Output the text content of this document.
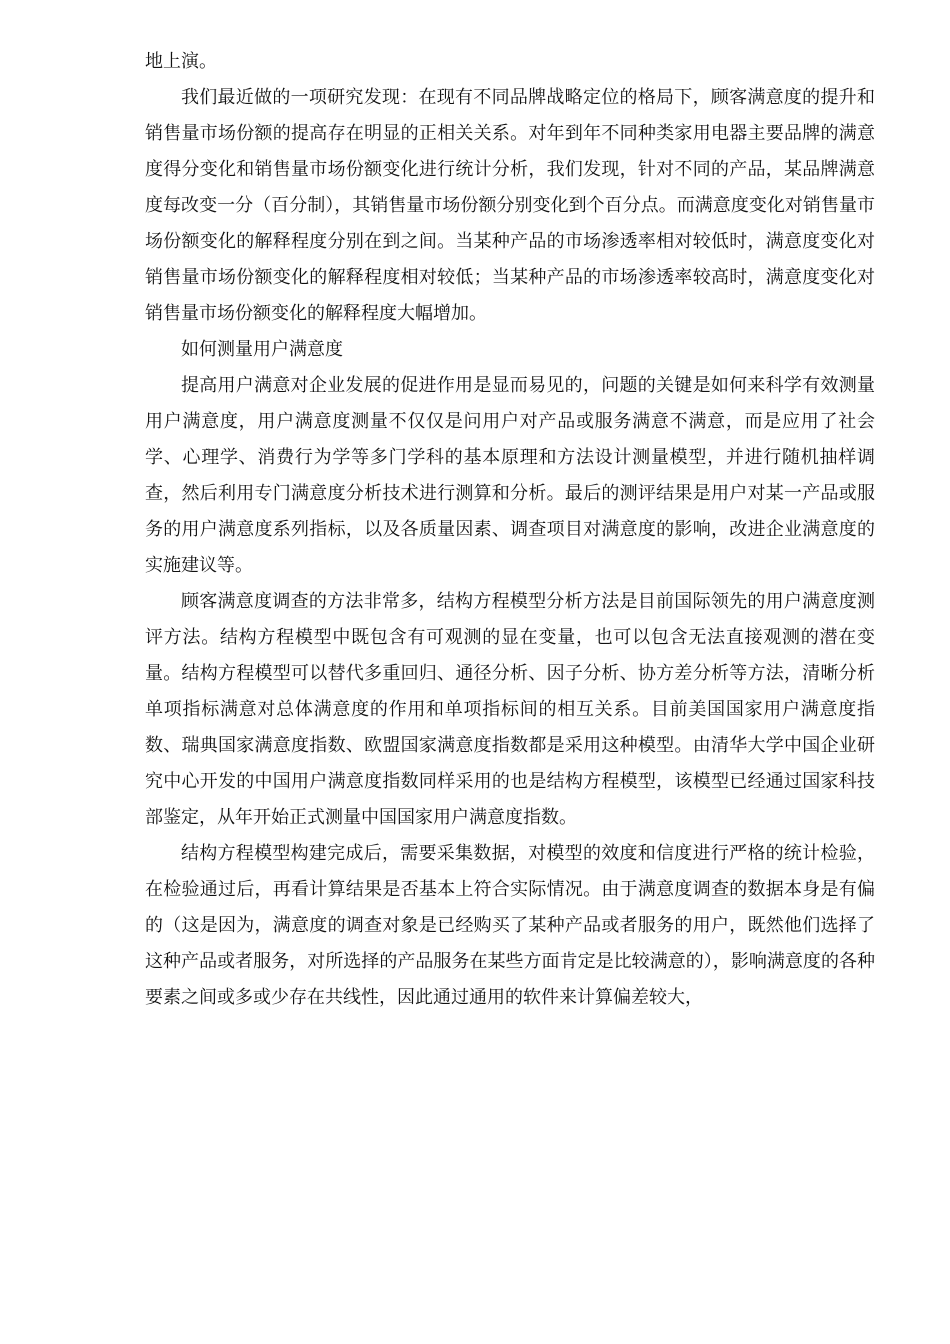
地上演。

我们最近做的一项研究发现：在现有不同品牌战略定位的格局下，顾客满意度的提升和销售量市场份额的提高存在明显的正相关关系。对年到年不同种类家用电器主要品牌的满意度得分变化和销售量市场份额变化进行统计分析，我们发现，针对不同的产品，某品牌满意度每改变一分（百分制），其销售量市场份额分别变化到个百分点。而满意度变化对销售量市场份额变化的解释程度分别在到之间。当某种产品的市场渗透率相对较低时，满意度变化对销售量市场份额变化的解释程度相对较低；当某种产品的市场渗透率较高时，满意度变化对销售量市场份额变化的解释程度大幅增加。

如何测量用户满意度

提高用户满意对企业发展的促进作用是显而易见的，问题的关键是如何来科学有效测量用户满意度，用户满意度测量不仅仅是问用户对产品或服务满意不满意，而是应用了社会学、心理学、消费行为学等多门学科的基本原理和方法设计测量模型，并进行随机抽样调查，然后利用专门满意度分析技术进行测算和分析。最后的测评结果是用户对某一产品或服务的用户满意度系列指标，以及各质量因素、调查项目对满意度的影响，改进企业满意度的实施建议等。

顾客满意度调查的方法非常多，结构方程模型分析方法是目前国际领先的用户满意度测评方法。结构方程模型中既包含有可观测的显在变量，也可以包含无法直接观测的潜在变量。结构方程模型可以替代多重回归、通径分析、因子分析、协方差分析等方法，清晰分析单项指标满意对总体满意度的作用和单项指标间的相互关系。目前美国国家用户满意度指数、瑞典国家满意度指数、欧盟国家满意度指数都是采用这种模型。由清华大学中国企业研究中心开发的中国用户满意度指数同样采用的也是结构方程模型，该模型已经通过国家科技部鉴定，从年开始正式测量中国国家用户满意度指数。

结构方程模型构建完成后，需要采集数据，对模型的效度和信度进行严格的统计检验，在检验通过后，再看计算结果是否基本上符合实际情况。由于满意度调查的数据本身是有偏的（这是因为，满意度的调查对象是已经购买了某种产品或者服务的用户，既然他们选择了这种产品或者服务，对所选择的产品服务在某些方面肯定是比较满意的），影响满意度的各种要素之间或多或少存在共线性，因此通过通用的软件来计算偏差较大，
